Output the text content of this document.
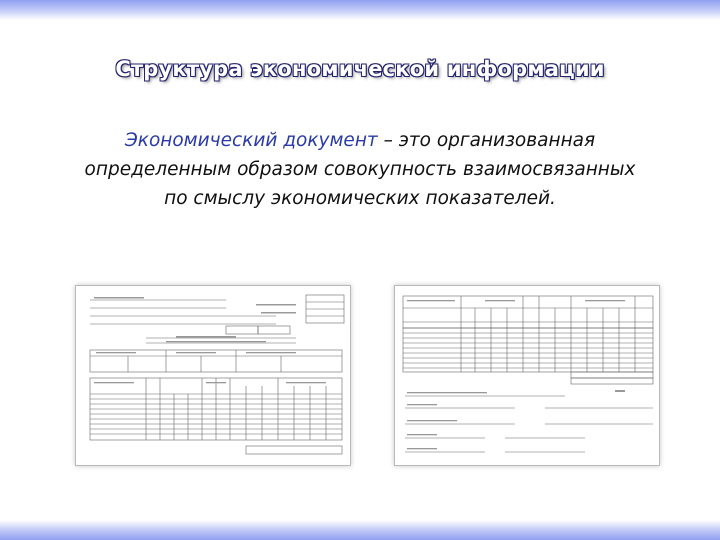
Структура экономической информации
Экономический документ – это организованная определенным образом совокупность взаимосвязанных по смыслу экономических показателей.
